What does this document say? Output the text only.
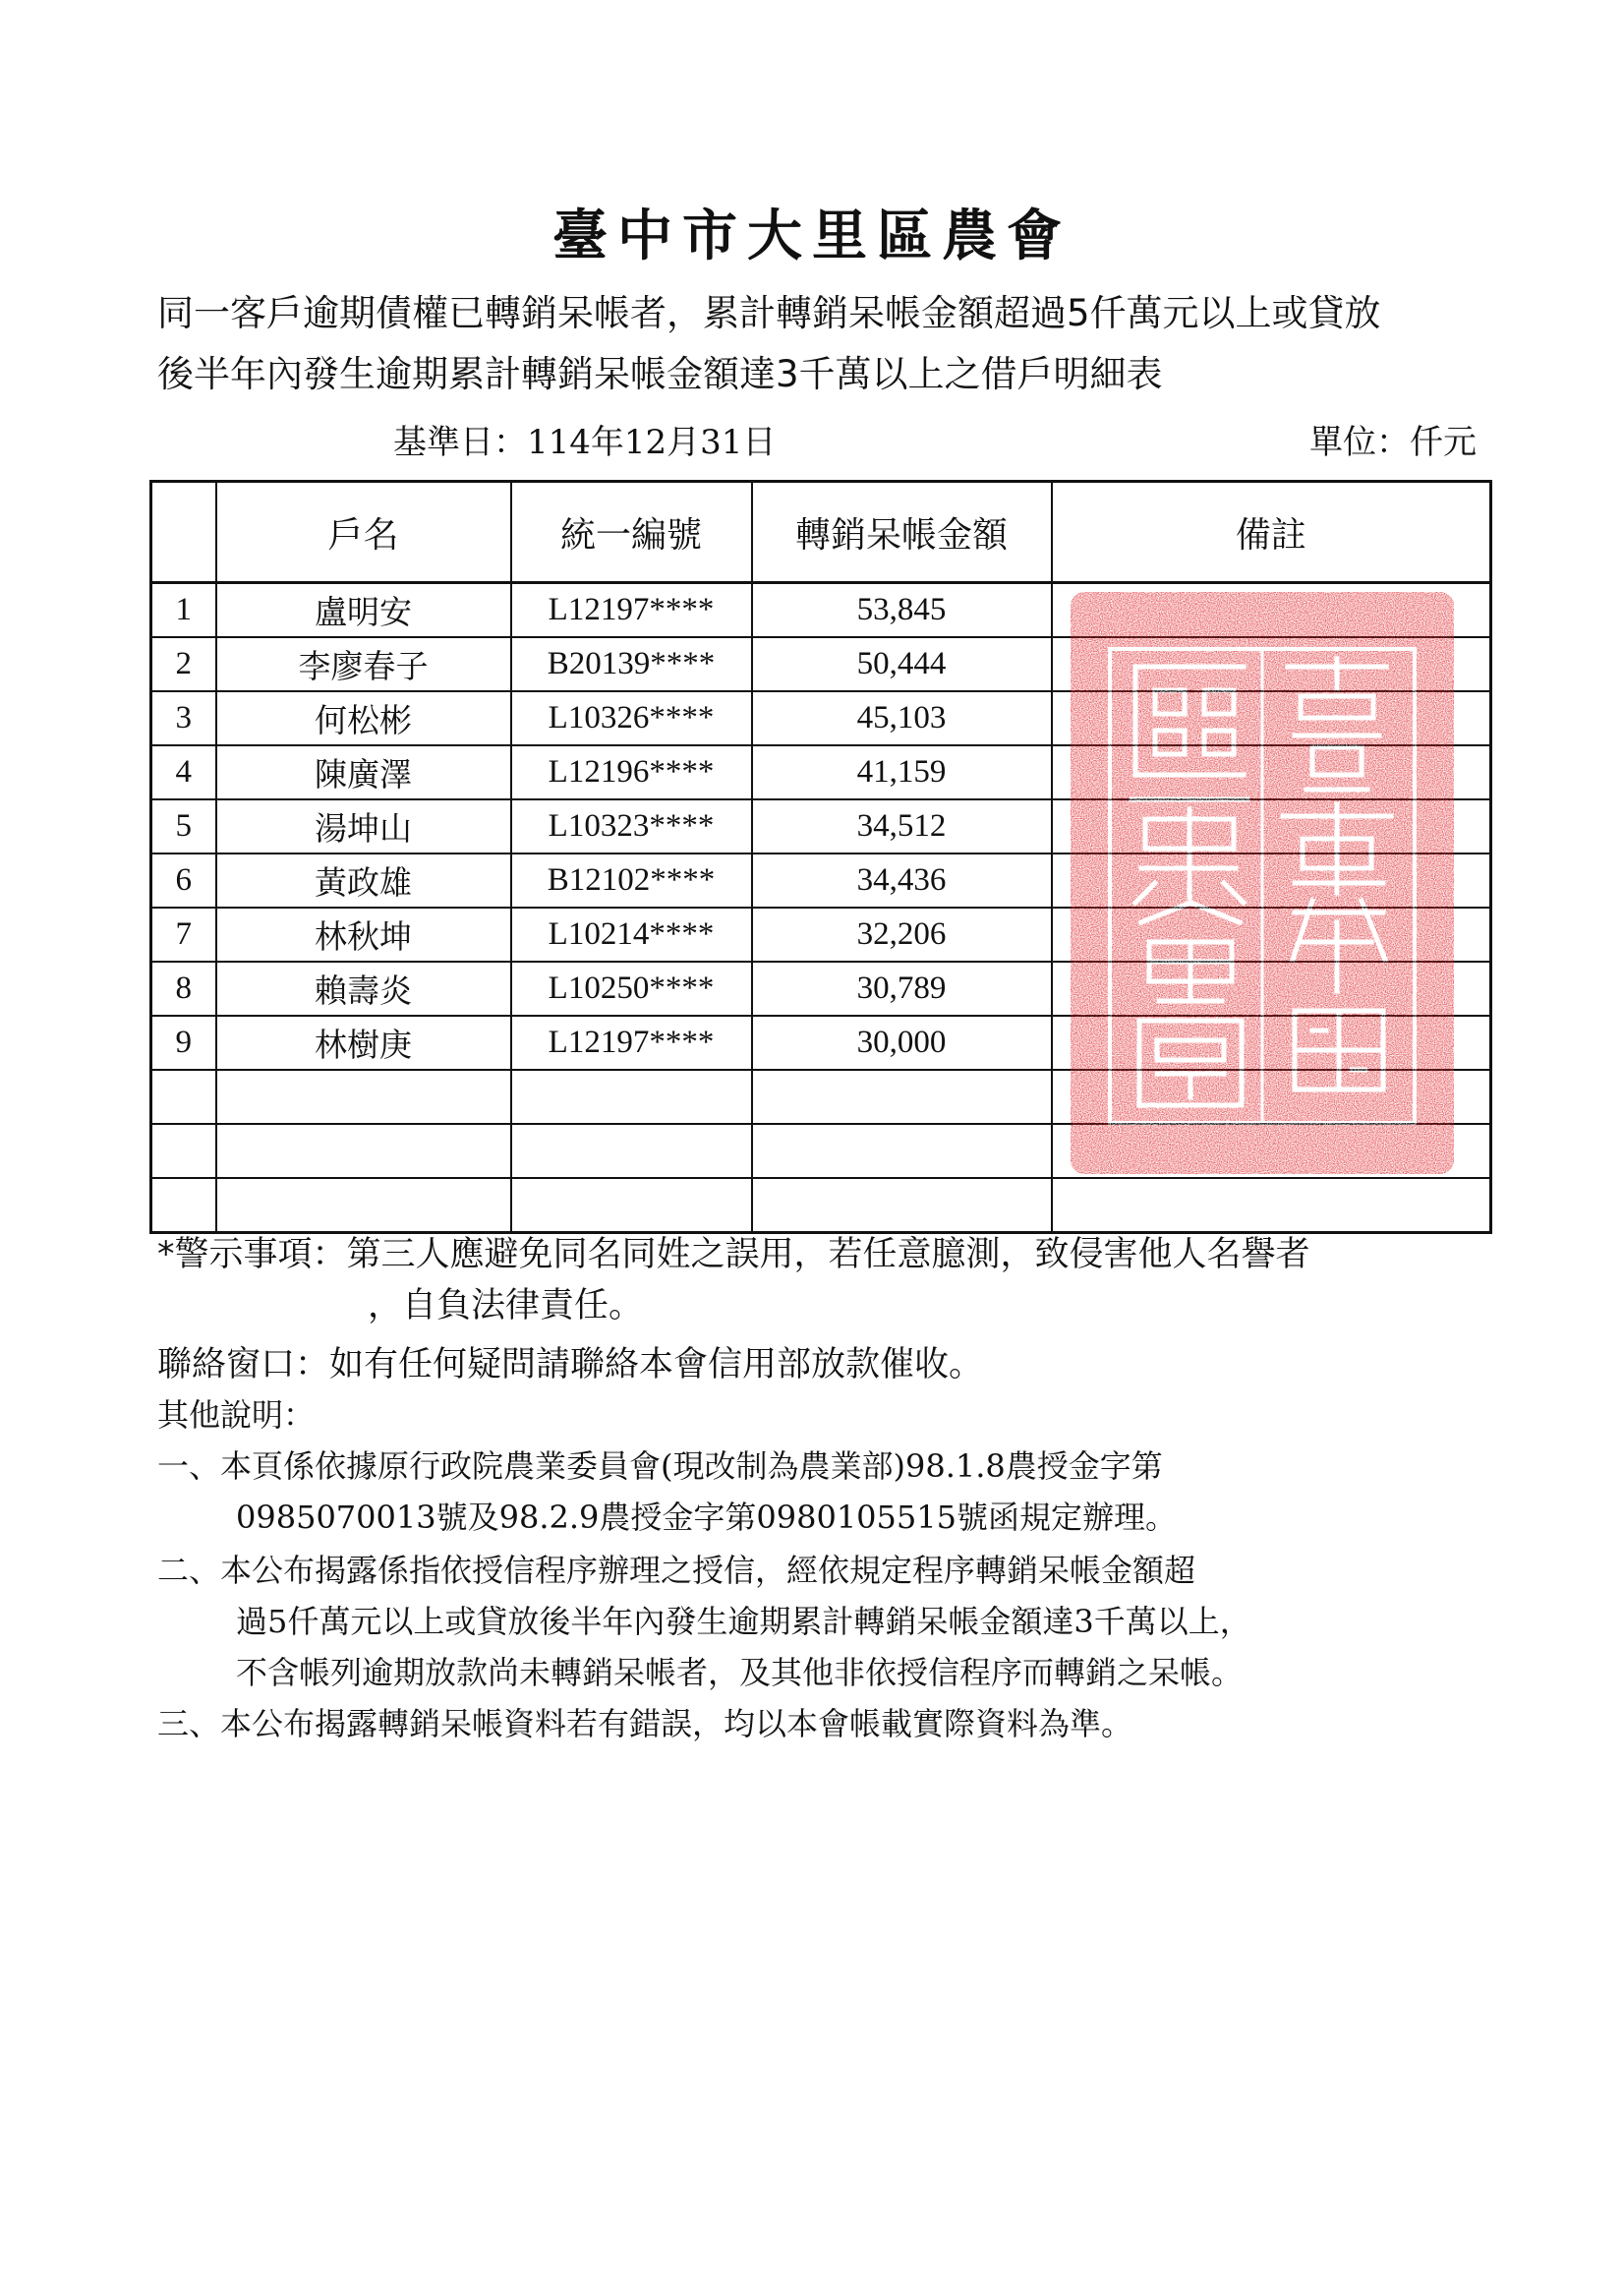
臺中市大里區農會
同一客戶逾期債權已轉銷呆帳者，累計轉銷呆帳金額超過5仟萬元以上或貸放
後半年內發生逾期累計轉銷呆帳金額達3千萬以上之借戶明細表
基準日：114年12月31日	單位：仟元
	戶名	統一編號	轉銷呆帳金額	備註
1	盧明安	L12197****	53,845	
2	李廖春子	B20139****	50,444	
3	何松彬	L10326****	45,103	
4	陳廣澤	L12196****	41,159	
5	湯坤山	L10323****	34,512	
6	黃政雄	B12102****	34,436	
7	林秋坤	L10214****	32,206	
8	賴壽炎	L10250****	30,789	
9	林樹庚	L12197****	30,000	

*警示事項：第三人應避免同名同姓之誤用，若任意臆測，致侵害他人名譽者
，自負法律責任。
聯絡窗口：如有任何疑問請聯絡本會信用部放款催收。
其他說明：
一、本頁係依據原行政院農業委員會(現改制為農業部)98.1.8農授金字第
0985070013號及98.2.9農授金字第0980105515號函規定辦理。
二、本公布揭露係指依授信程序辦理之授信，經依規定程序轉銷呆帳金額超
過5仟萬元以上或貸放後半年內發生逾期累計轉銷呆帳金額達3千萬以上，
不含帳列逾期放款尚未轉銷呆帳者，及其他非依授信程序而轉銷之呆帳。
三、本公布揭露轉銷呆帳資料若有錯誤，均以本會帳載實際資料為準。
